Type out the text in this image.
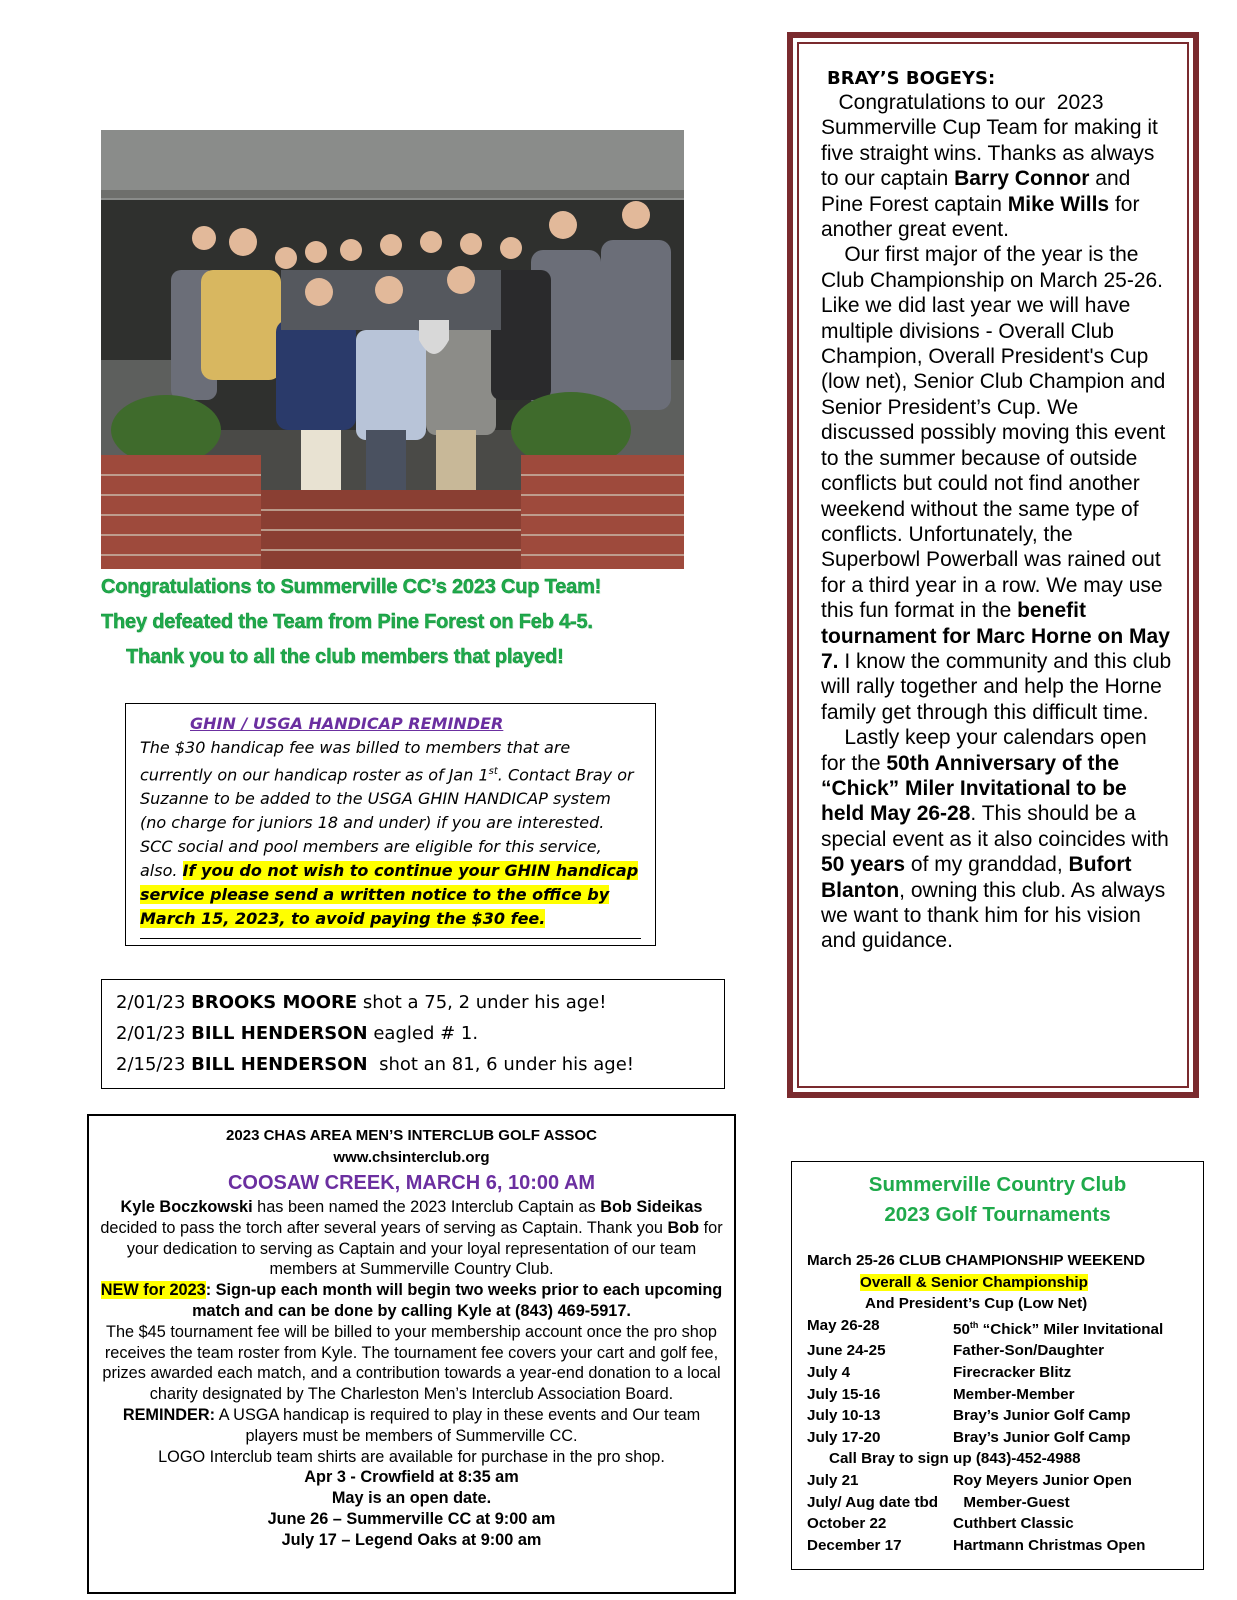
Congratulations to Summerville CC’s 2023 Cup Team!
They defeated the Team from Pine Forest on Feb 4-5.
Thank you to all the club members that played!
GHIN / USGA HANDICAP REMINDER
The $30 handicap fee was billed to members that are currently on our handicap roster as of Jan 1st. Contact Bray or Suzanne to be added to the USGA GHIN HANDICAP system (no charge for juniors 18 and under) if you are interested. SCC social and pool members are eligible for this service, also. If you do not wish to continue your GHIN handicap service please send a written notice to the office by March 15, 2023, to avoid paying the $30 fee.
2/01/23 BROOKS MOORE shot a 75, 2 under his age!
2/01/23 BILL HENDERSON eagled # 1.
2/15/23 BILL HENDERSON shot an 81, 6 under his age!
2023 CHAS AREA MEN’S INTERCLUB GOLF ASSOC
www.chsinterclub.org
COOSAW CREEK, MARCH 6, 10:00 AM
Kyle Boczkowski has been named the 2023 Interclub Captain as Bob Sideikas decided to pass the torch after several years of serving as Captain. Thank you Bob for your dedication to serving as Captain and your loyal representation of our team members at Summerville Country Club.
NEW for 2023: Sign-up each month will begin two weeks prior to each upcoming match and can be done by calling Kyle at (843) 469-5917.
The $45 tournament fee will be billed to your membership account once the pro shop receives the team roster from Kyle. The tournament fee covers your cart and golf fee, prizes awarded each match, and a contribution towards a year-end donation to a local charity designated by The Charleston Men’s Interclub Association Board.
REMINDER: A USGA handicap is required to play in these events and Our team players must be members of Summerville CC.
LOGO Interclub team shirts are available for purchase in the pro shop.
Apr 3 - Crowfield at 8:35 am
May is an open date.
June 26 – Summerville CC at 9:00 am
July 17 – Legend Oaks at 9:00 am
BRAY’S BOGEYS:

Congratulations to our  2023 Summerville Cup Team for making it five straight wins. Thanks as always to our captain Barry Connor and Pine Forest captain Mike Wills for another great event.

Our first major of the year is the Club Championship on March 25-26. Like we did last year we will have multiple divisions - Overall Club Champion, Overall President's Cup (low net), Senior Club Champion and Senior President’s Cup. We discussed possibly moving this event to the summer because of outside conflicts but could not find another weekend without the same type of conflicts. Unfortunately, the Superbowl Powerball was rained out for a third year in a row. We may use this fun format in the benefit tournament for Marc Horne on May 7. I know the community and this club will rally together and help the Horne family get through this difficult time.

Lastly keep your calendars open for the 50th Anniversary of the “Chick” Miler Invitational to be held May 26-28. This should be a special event as it also coincides with 50 years of my granddad, Bufort Blanton, owning this club. As always we want to thank him for his vision and guidance.

Summerville Country Club
2023 Golf Tournaments
March 25-26 CLUB CHAMPIONSHIP WEEKEND
Overall & Senior Championship
And President’s Cup (Low Net)
May 26-28	50th “Chick” Miler Invitational
June 24-25	Father-Son/Daughter
July 4	Firecracker Blitz
July 15-16	Member-Member
July 10-13	Bray’s Junior Golf Camp
July 17-20	Bray’s Junior Golf Camp
Call Bray to sign up (843)-452-4988
July 21	Roy Meyers Junior Open
July/ Aug date tbd      Member-Guest
October 22	Cuthbert Classic
December 17	Hartmann Christmas Open
